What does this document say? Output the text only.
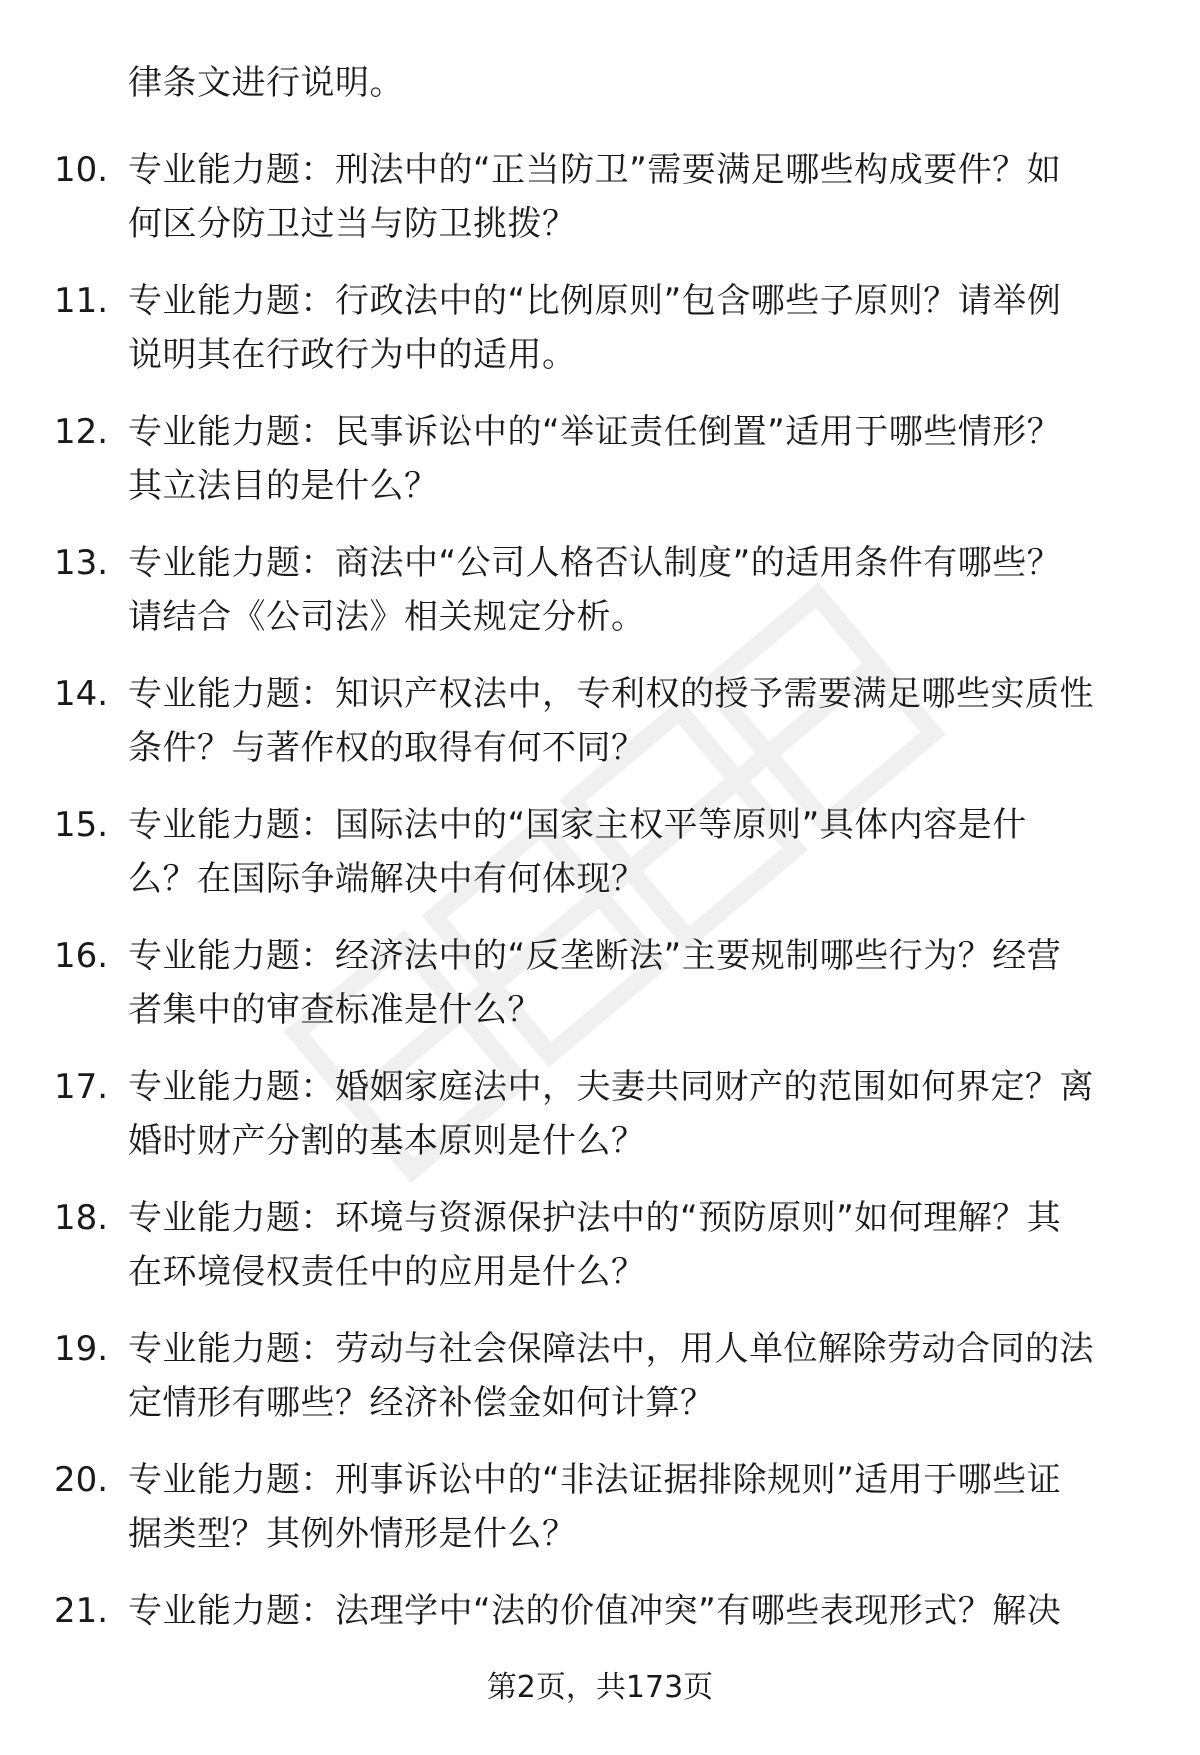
律条文进行说明。
10. 专业能力题：刑法中的“正当防卫”需要满足哪些构成要件？如
何区分防卫过当与防卫挑拨？
11. 专业能力题：行政法中的“比例原则”包含哪些子原则？请举例
说明其在行政行为中的适用。
12. 专业能力题：民事诉讼中的“举证责任倒置”适用于哪些情形？
其立法目的是什么？
13. 专业能力题：商法中“公司人格否认制度”的适用条件有哪些？
请结合《公司法》相关规定分析。
14. 专业能力题：知识产权法中，专利权的授予需要满足哪些实质性
条件？与著作权的取得有何不同？
15. 专业能力题：国际法中的“国家主权平等原则”具体内容是什
么？在国际争端解决中有何体现？
16. 专业能力题：经济法中的“反垄断法”主要规制哪些行为？经营
者集中的审查标准是什么？
17. 专业能力题：婚姻家庭法中，夫妻共同财产的范围如何界定？离
婚时财产分割的基本原则是什么？
18. 专业能力题：环境与资源保护法中的“预防原则”如何理解？其
在环境侵权责任中的应用是什么？
19. 专业能力题：劳动与社会保障法中，用人单位解除劳动合同的法
定情形有哪些？经济补偿金如何计算？
20. 专业能力题：刑事诉讼中的“非法证据排除规则”适用于哪些证
据类型？其例外情形是什么？
21. 专业能力题：法理学中“法的价值冲突”有哪些表现形式？解决
第2页，共173页
